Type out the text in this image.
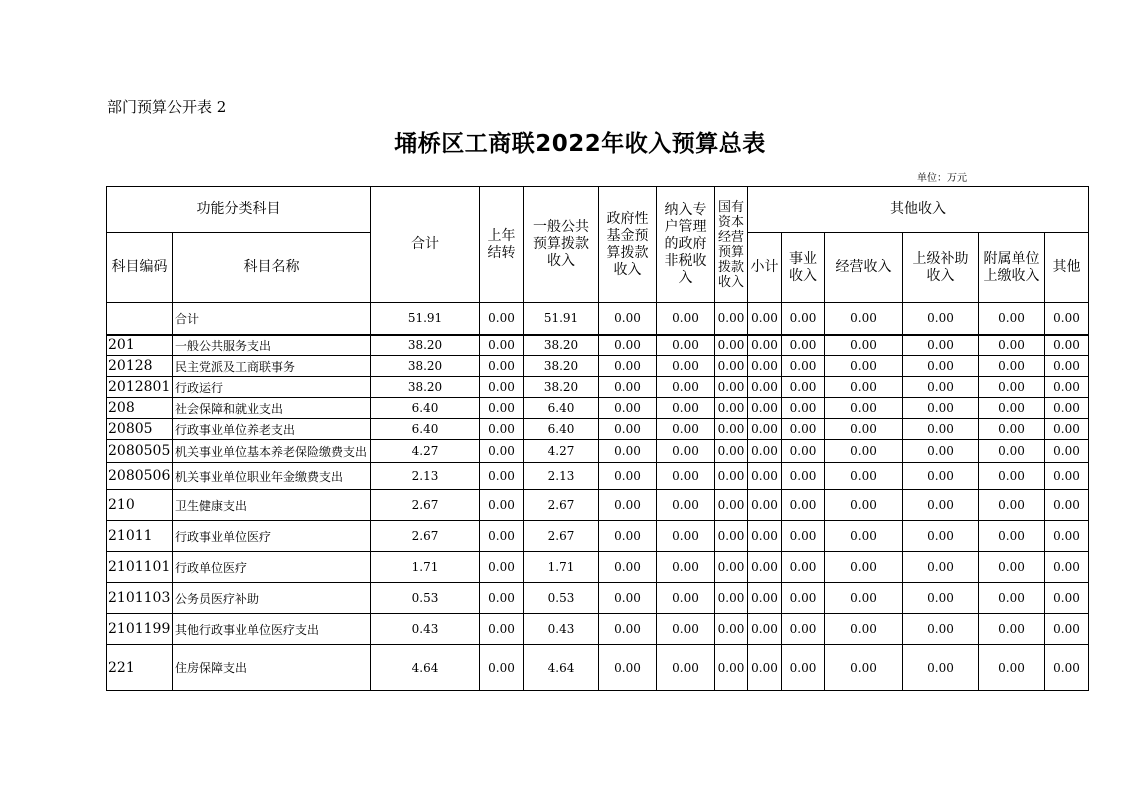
部门预算公开表 2
埇桥区工商联2022年收入预算总表
单位：万元
功能分类科目		合计	上年结转	一般公共预算拨款收入	政府性基金预算拨款收入	纳入专户管理的政府非税收入	国有资本经营预算拨款收入	其他收入					
科目编码	科目名称							小计	事业收入	经营收入	上级补助收入	附属单位上缴收入	其他
	合计	51.91	0.00	51.91	0.00	0.00	0.00	0.00	0.00	0.00	0.00	0.00	0.00
201	一般公共服务支出	38.20	0.00	38.20	0.00	0.00	0.00	0.00	0.00	0.00	0.00	0.00	0.00
20128	民主党派及工商联事务	38.20	0.00	38.20	0.00	0.00	0.00	0.00	0.00	0.00	0.00	0.00	0.00
2012801	行政运行	38.20	0.00	38.20	0.00	0.00	0.00	0.00	0.00	0.00	0.00	0.00	0.00
208	社会保障和就业支出	6.40	0.00	6.40	0.00	0.00	0.00	0.00	0.00	0.00	0.00	0.00	0.00
20805	行政事业单位养老支出	6.40	0.00	6.40	0.00	0.00	0.00	0.00	0.00	0.00	0.00	0.00	0.00
2080505	机关事业单位基本养老保险缴费支出	4.27	0.00	4.27	0.00	0.00	0.00	0.00	0.00	0.00	0.00	0.00	0.00
2080506	机关事业单位职业年金缴费支出	2.13	0.00	2.13	0.00	0.00	0.00	0.00	0.00	0.00	0.00	0.00	0.00
210	卫生健康支出	2.67	0.00	2.67	0.00	0.00	0.00	0.00	0.00	0.00	0.00	0.00	0.00
21011	行政事业单位医疗	2.67	0.00	2.67	0.00	0.00	0.00	0.00	0.00	0.00	0.00	0.00	0.00
2101101	行政单位医疗	1.71	0.00	1.71	0.00	0.00	0.00	0.00	0.00	0.00	0.00	0.00	0.00
2101103	公务员医疗补助	0.53	0.00	0.53	0.00	0.00	0.00	0.00	0.00	0.00	0.00	0.00	0.00
2101199	其他行政事业单位医疗支出	0.43	0.00	0.43	0.00	0.00	0.00	0.00	0.00	0.00	0.00	0.00	0.00
221	住房保障支出	4.64	0.00	4.64	0.00	0.00	0.00	0.00	0.00	0.00	0.00	0.00	0.00
